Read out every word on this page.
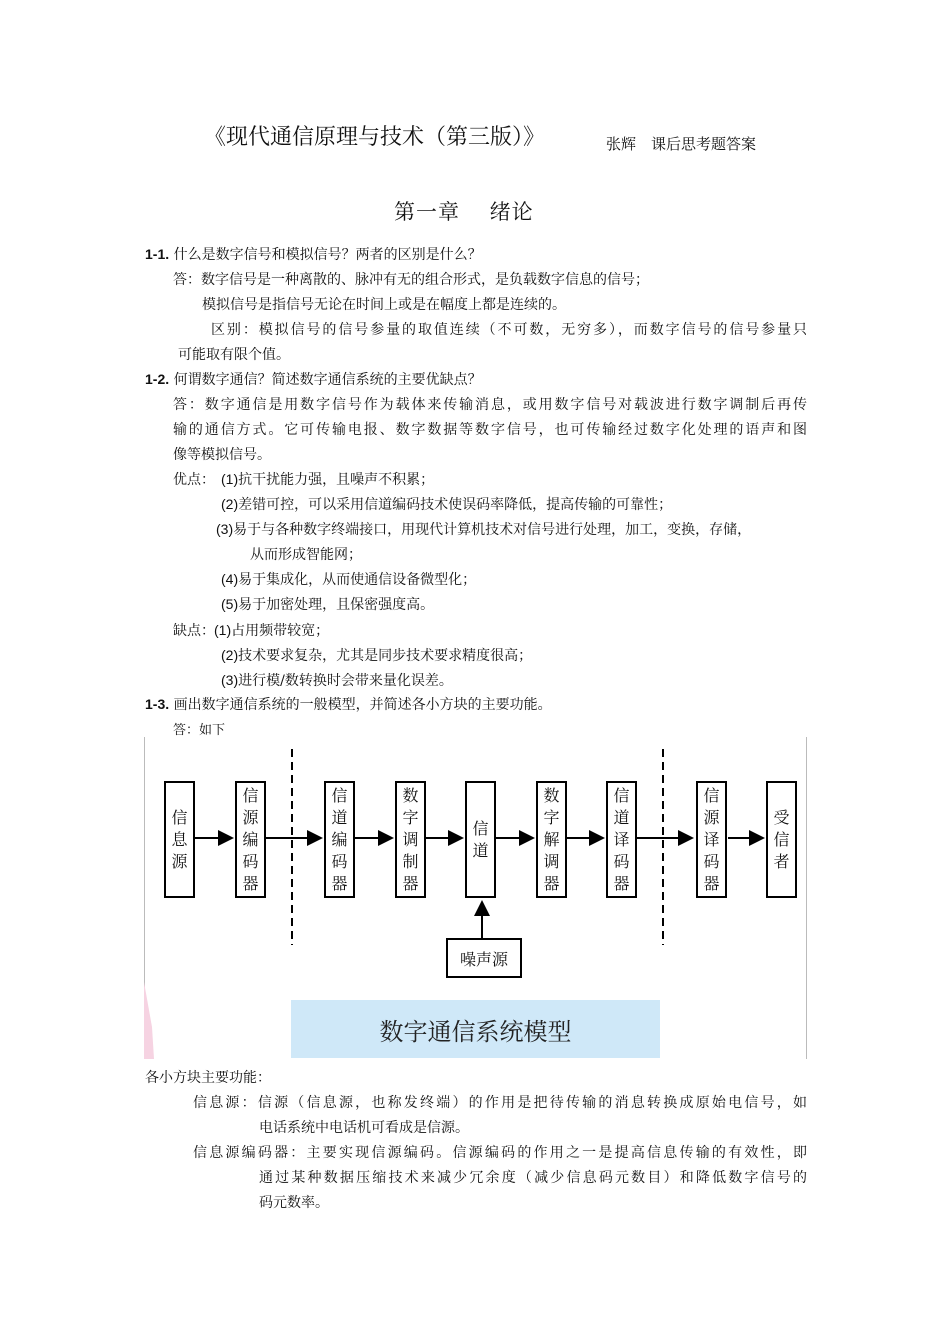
《现代通信原理与技术（第三版）》	张辉　课后思考题答案
第一章　 绪论
1-1. 什么是数字信号和模拟信号？两者的区别是什么？
答：数字信号是一种离散的、脉冲有无的组合形式，是负载数字信息的信号；
模拟信号是指信号无论在时间上或是在幅度上都是连续的。
区别：模拟信号的信号参量的取值连续（不可数，无穷多），而数字信号的信号参量只
可能取有限个值。
1-2. 何谓数字通信？简述数字通信系统的主要优缺点？
答：数字通信是用数字信号作为载体来传输消息，或用数字信号对载波进行数字调制后再传
输的通信方式。它可传输电报、数字数据等数字信号，也可传输经过数字化处理的语声和图
像等模拟信号。
优点： (1)抗干扰能力强，且噪声不积累；
(2)差错可控，可以采用信道编码技术使误码率降低，提高传输的可靠性；
(3)易于与各种数字终端接口，用现代计算机技术对信号进行处理，加工，变换，存储，
从而形成智能网；
(4)易于集成化，从而使通信设备微型化；
(5)易于加密处理，且保密强度高。
缺点： (1)占用频带较宽；
(2)技术要求复杂，尤其是同步技术要求精度很高；
(3)进行模/数转换时会带来量化误差。
1-3. 画出数字通信系统的一般模型，并简述各小方块的主要功能。
答：如下
信
息
源
信
源
编
码
器
信
道
编
码
器
数
字
调
制
器
信
道
数
字
解
调
器
信
道
译
码
器
信
源
译
码
器
受
信
者
噪声源
数字通信系统模型
各小方块主要功能：
信息源：信源（信息源，也称发终端）的作用是把待传输的消息转换成原始电信号，如
电话系统中电话机可看成是信源。
信息源编码器：主要实现信源编码。信源编码的作用之一是提高信息传输的有效性，即
通过某种数据压缩技术来减少冗余度（减少信息码元数目）和降低数字信号的
码元数率。
